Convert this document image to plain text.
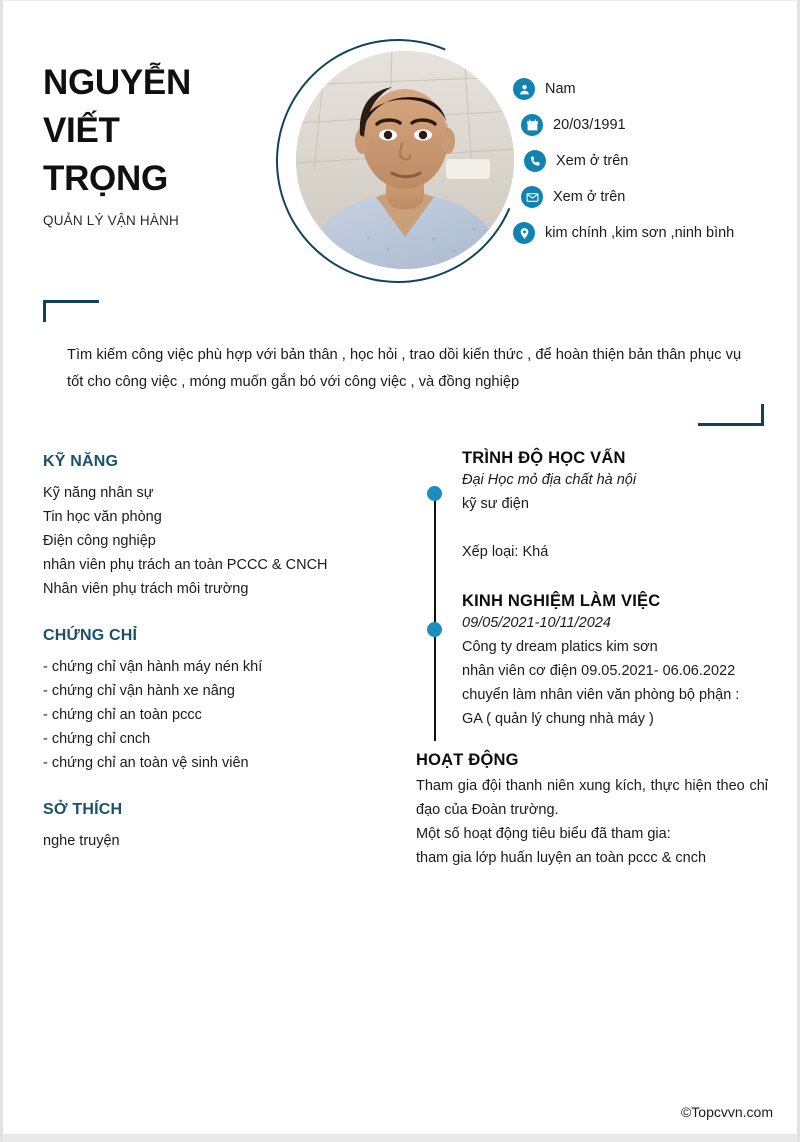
NGUYỄN
VIẾT
TRỌNG
QUẢN LÝ VẬN HÀNH
Nam
20/03/1991
Xem ở trên
Xem ở trên
kim chính ,kim sơn ,ninh bình
Tìm kiếm công việc phù hợp với bản thân , học hỏi , trao dồi kiến thức , để hoàn thiện bản thân phục vụ tốt cho công việc , móng muốn gắn bó với công việc , và đồng nghiệp
KỸ NĂNG
Kỹ năng nhân sự
Tin học văn phòng
Điện công nghiệp
nhân viên phụ trách an toàn PCCC & CNCH
Nhân viên phụ trách môi trường
CHỨNG CHỈ
- chứng chỉ vận hành máy nén khí
- chứng chỉ vận hành xe nâng
- chứng chỉ an toàn pccc
- chứng chỉ cnch
- chứng chỉ an toàn vệ sinh viên
SỞ THÍCH
nghe truyện
TRÌNH ĐỘ HỌC VẤN
Đại Học mỏ địa chất hà nội
kỹ sư điện
Xếp loại: Khá
KINH NGHIỆM LÀM VIỆC
09/05/2021-10/11/2024
Công ty dream platics kim sơn
nhân viên cơ điện 09.05.2021- 06.06.2022
chuyển làm nhân viên văn phòng bộ phận :
GA ( quản lý chung nhà máy )
HOẠT ĐỘNG
Tham gia đội thanh niên xung kích, thực hiện theo chỉ đạo của Đoàn trường.
Một số hoạt động tiêu biểu đã tham gia:
tham gia lớp huấn luyện an toàn pccc & cnch
©Topcvvn.com
